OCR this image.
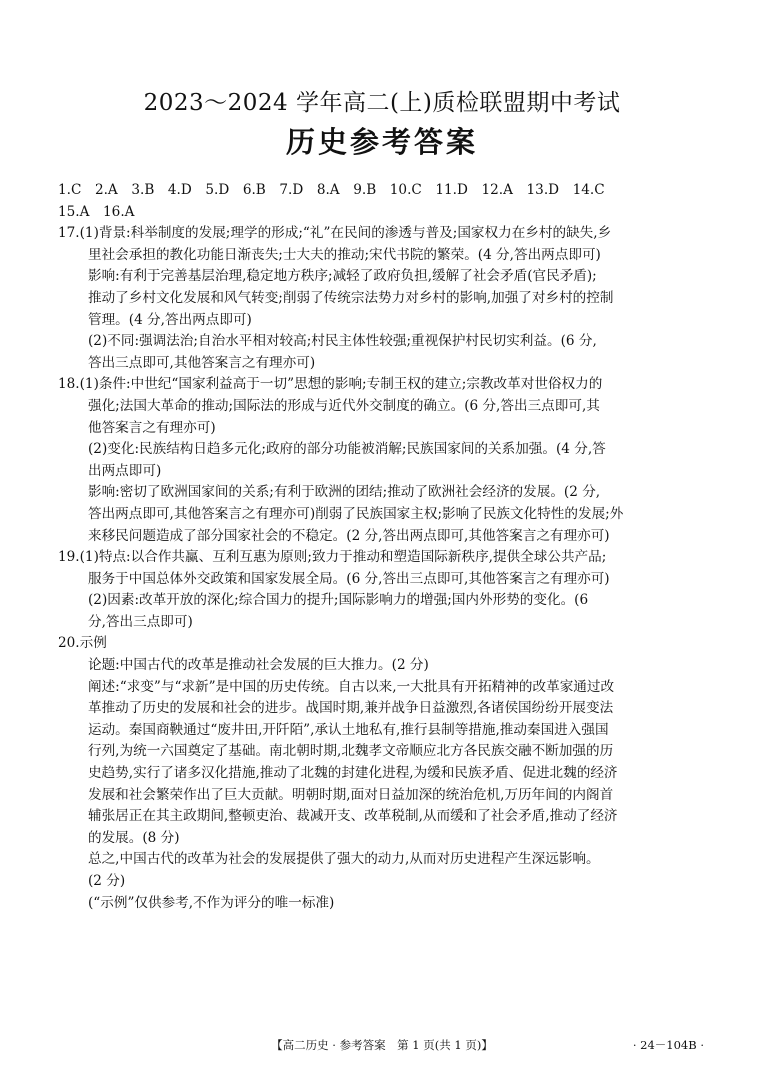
2023～2024 学年高二(上)质检联盟期中考试
历史参考答案
1.C　2.A　3.B　4.D　5.D　6.B　7.D　8.A　9.B　10.C　11.D　12.A　13.D　14.C
15.A　16.A
17.(1)背景:科举制度的发展;理学的形成;“礼”在民间的渗透与普及;国家权力在乡村的缺失,乡
里社会承担的教化功能日渐丧失;士大夫的推动;宋代书院的繁荣。(4 分,答出两点即可)
影响:有利于完善基层治理,稳定地方秩序;减轻了政府负担,缓解了社会矛盾(官民矛盾);
推动了乡村文化发展和风气转变;削弱了传统宗法势力对乡村的影响,加强了对乡村的控制
管理。(4 分,答出两点即可)
(2)不同:强调法治;自治水平相对较高;村民主体性较强;重视保护村民切实利益。(6 分,
答出三点即可,其他答案言之有理亦可)
18.(1)条件:中世纪“国家利益高于一切”思想的影响;专制王权的建立;宗教改革对世俗权力的
强化;法国大革命的推动;国际法的形成与近代外交制度的确立。(6 分,答出三点即可,其
他答案言之有理亦可)
(2)变化:民族结构日趋多元化;政府的部分功能被消解;民族国家间的关系加强。(4 分,答
出两点即可)
影响:密切了欧洲国家间的关系;有利于欧洲的团结;推动了欧洲社会经济的发展。(2 分,
答出两点即可,其他答案言之有理亦可)削弱了民族国家主权;影响了民族文化特性的发展;外
来移民问题造成了部分国家社会的不稳定。(2 分,答出两点即可,其他答案言之有理亦可)
19.(1)特点:以合作共赢、互利互惠为原则;致力于推动和塑造国际新秩序,提供全球公共产品;
服务于中国总体外交政策和国家发展全局。(6 分,答出三点即可,其他答案言之有理亦可)
(2)因素:改革开放的深化;综合国力的提升;国际影响力的增强;国内外形势的变化。(6
分,答出三点即可)
20.示例
论题:中国古代的改革是推动社会发展的巨大推力。(2 分)
阐述:“求变”与“求新”是中国的历史传统。自古以来,一大批具有开拓精神的改革家通过改
革推动了历史的发展和社会的进步。战国时期,兼并战争日益激烈,各诸侯国纷纷开展变法
运动。秦国商鞅通过“废井田,开阡陌”,承认土地私有,推行县制等措施,推动秦国进入强国
行列,为统一六国奠定了基础。南北朝时期,北魏孝文帝顺应北方各民族交融不断加强的历
史趋势,实行了诸多汉化措施,推动了北魏的封建化进程,为缓和民族矛盾、促进北魏的经济
发展和社会繁荣作出了巨大贡献。明朝时期,面对日益加深的统治危机,万历年间的内阁首
辅张居正在其主政期间,整顿吏治、裁减开支、改革税制,从而缓和了社会矛盾,推动了经济
的发展。(8 分)
总之,中国古代的改革为社会的发展提供了强大的动力,从而对历史进程产生深远影响。
(2 分)
(“示例”仅供参考,不作为评分的唯一标准)
【高二历史 · 参考答案　第 1 页(共 1 页)】	· 24－104B ·
